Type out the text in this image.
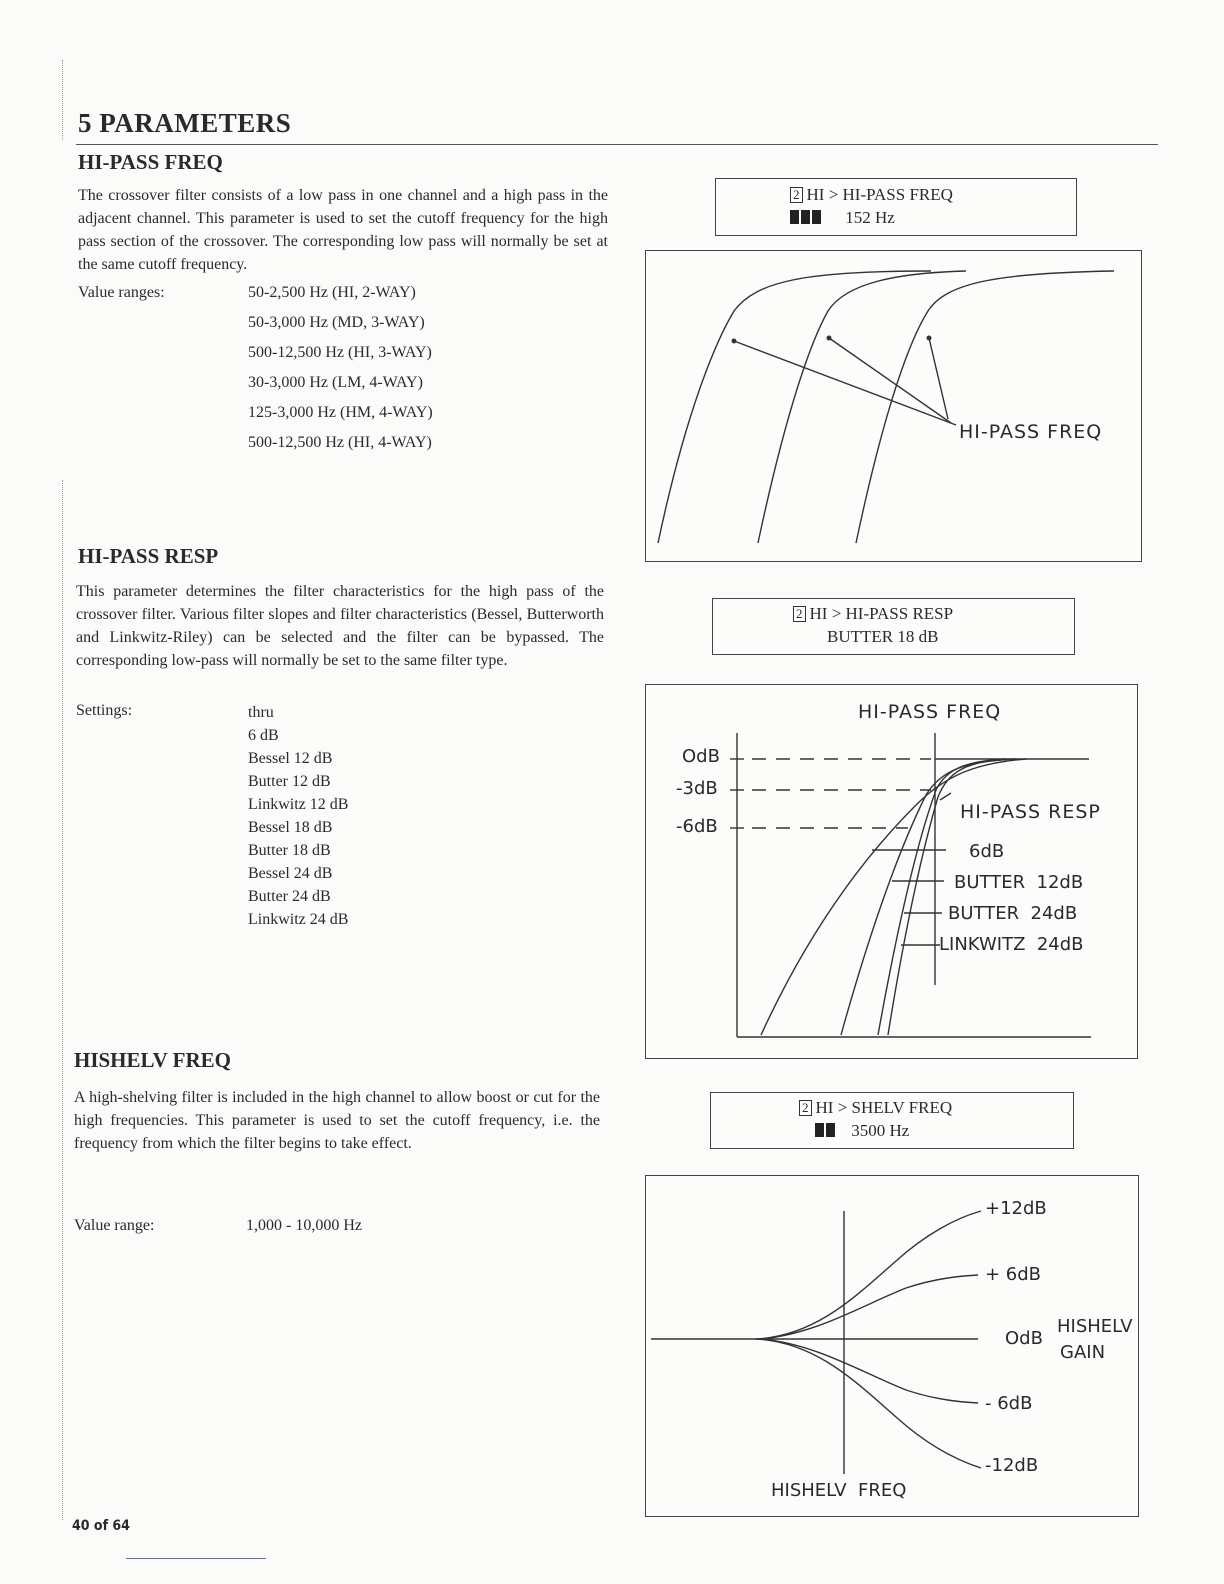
5 PARAMETERS
HI-PASS FREQ
The crossover filter consists of a low pass in one channel and a high pass in the adjacent channel. This parameter is used to set the cutoff frequency for the high pass section of the crossover. The corresponding low pass will normally be set at the same cutoff frequency.
Value ranges:	50-2,500 Hz (HI, 2-WAY)
50-3,000 Hz (MD, 3-WAY)
500-12,500 Hz (HI, 3-WAY)
30-3,000 Hz (LM, 4-WAY)
125-3,000 Hz (HM, 4-WAY)
500-12,500 Hz (HI, 4-WAY)
2 HI > HI-PASS FREQ
152 Hz
HI-PASS FREQ
HI-PASS RESP
This parameter determines the filter characteristics for the high pass of the crossover filter. Various filter slopes and filter characteristics (Bessel, Butterworth and Linkwitz-Riley) can be selected and the filter can be bypassed. The corresponding low-pass will normally be set to the same filter type.
Settings:	thru
6 dB
Bessel 12 dB
Butter 12 dB
Linkwitz 12 dB
Bessel 18 dB
Butter 18 dB
Bessel 24 dB
Butter 24 dB
Linkwitz 24 dB
2 HI > HI-PASS RESP
BUTTER 18 dB
HI-PASS FREQ
OdB
-3dB
-6dB
HI-PASS RESP
6dB
BUTTER  12dB
BUTTER  24dB
LINKWITZ  24dB
HISHELV FREQ
A high-shelving filter is included in the high channel to allow boost or cut for the high frequencies. This parameter is used to set the cutoff frequency, i.e. the frequency from which the filter begins to take effect.
Value range:	1,000 - 10,000 Hz
2 HI > SHELV FREQ
3500 Hz
+12dB
+ 6dB
OdB
- 6dB
-12dB
HISHELV
GAIN
HISHELV  FREQ
40 of 64
